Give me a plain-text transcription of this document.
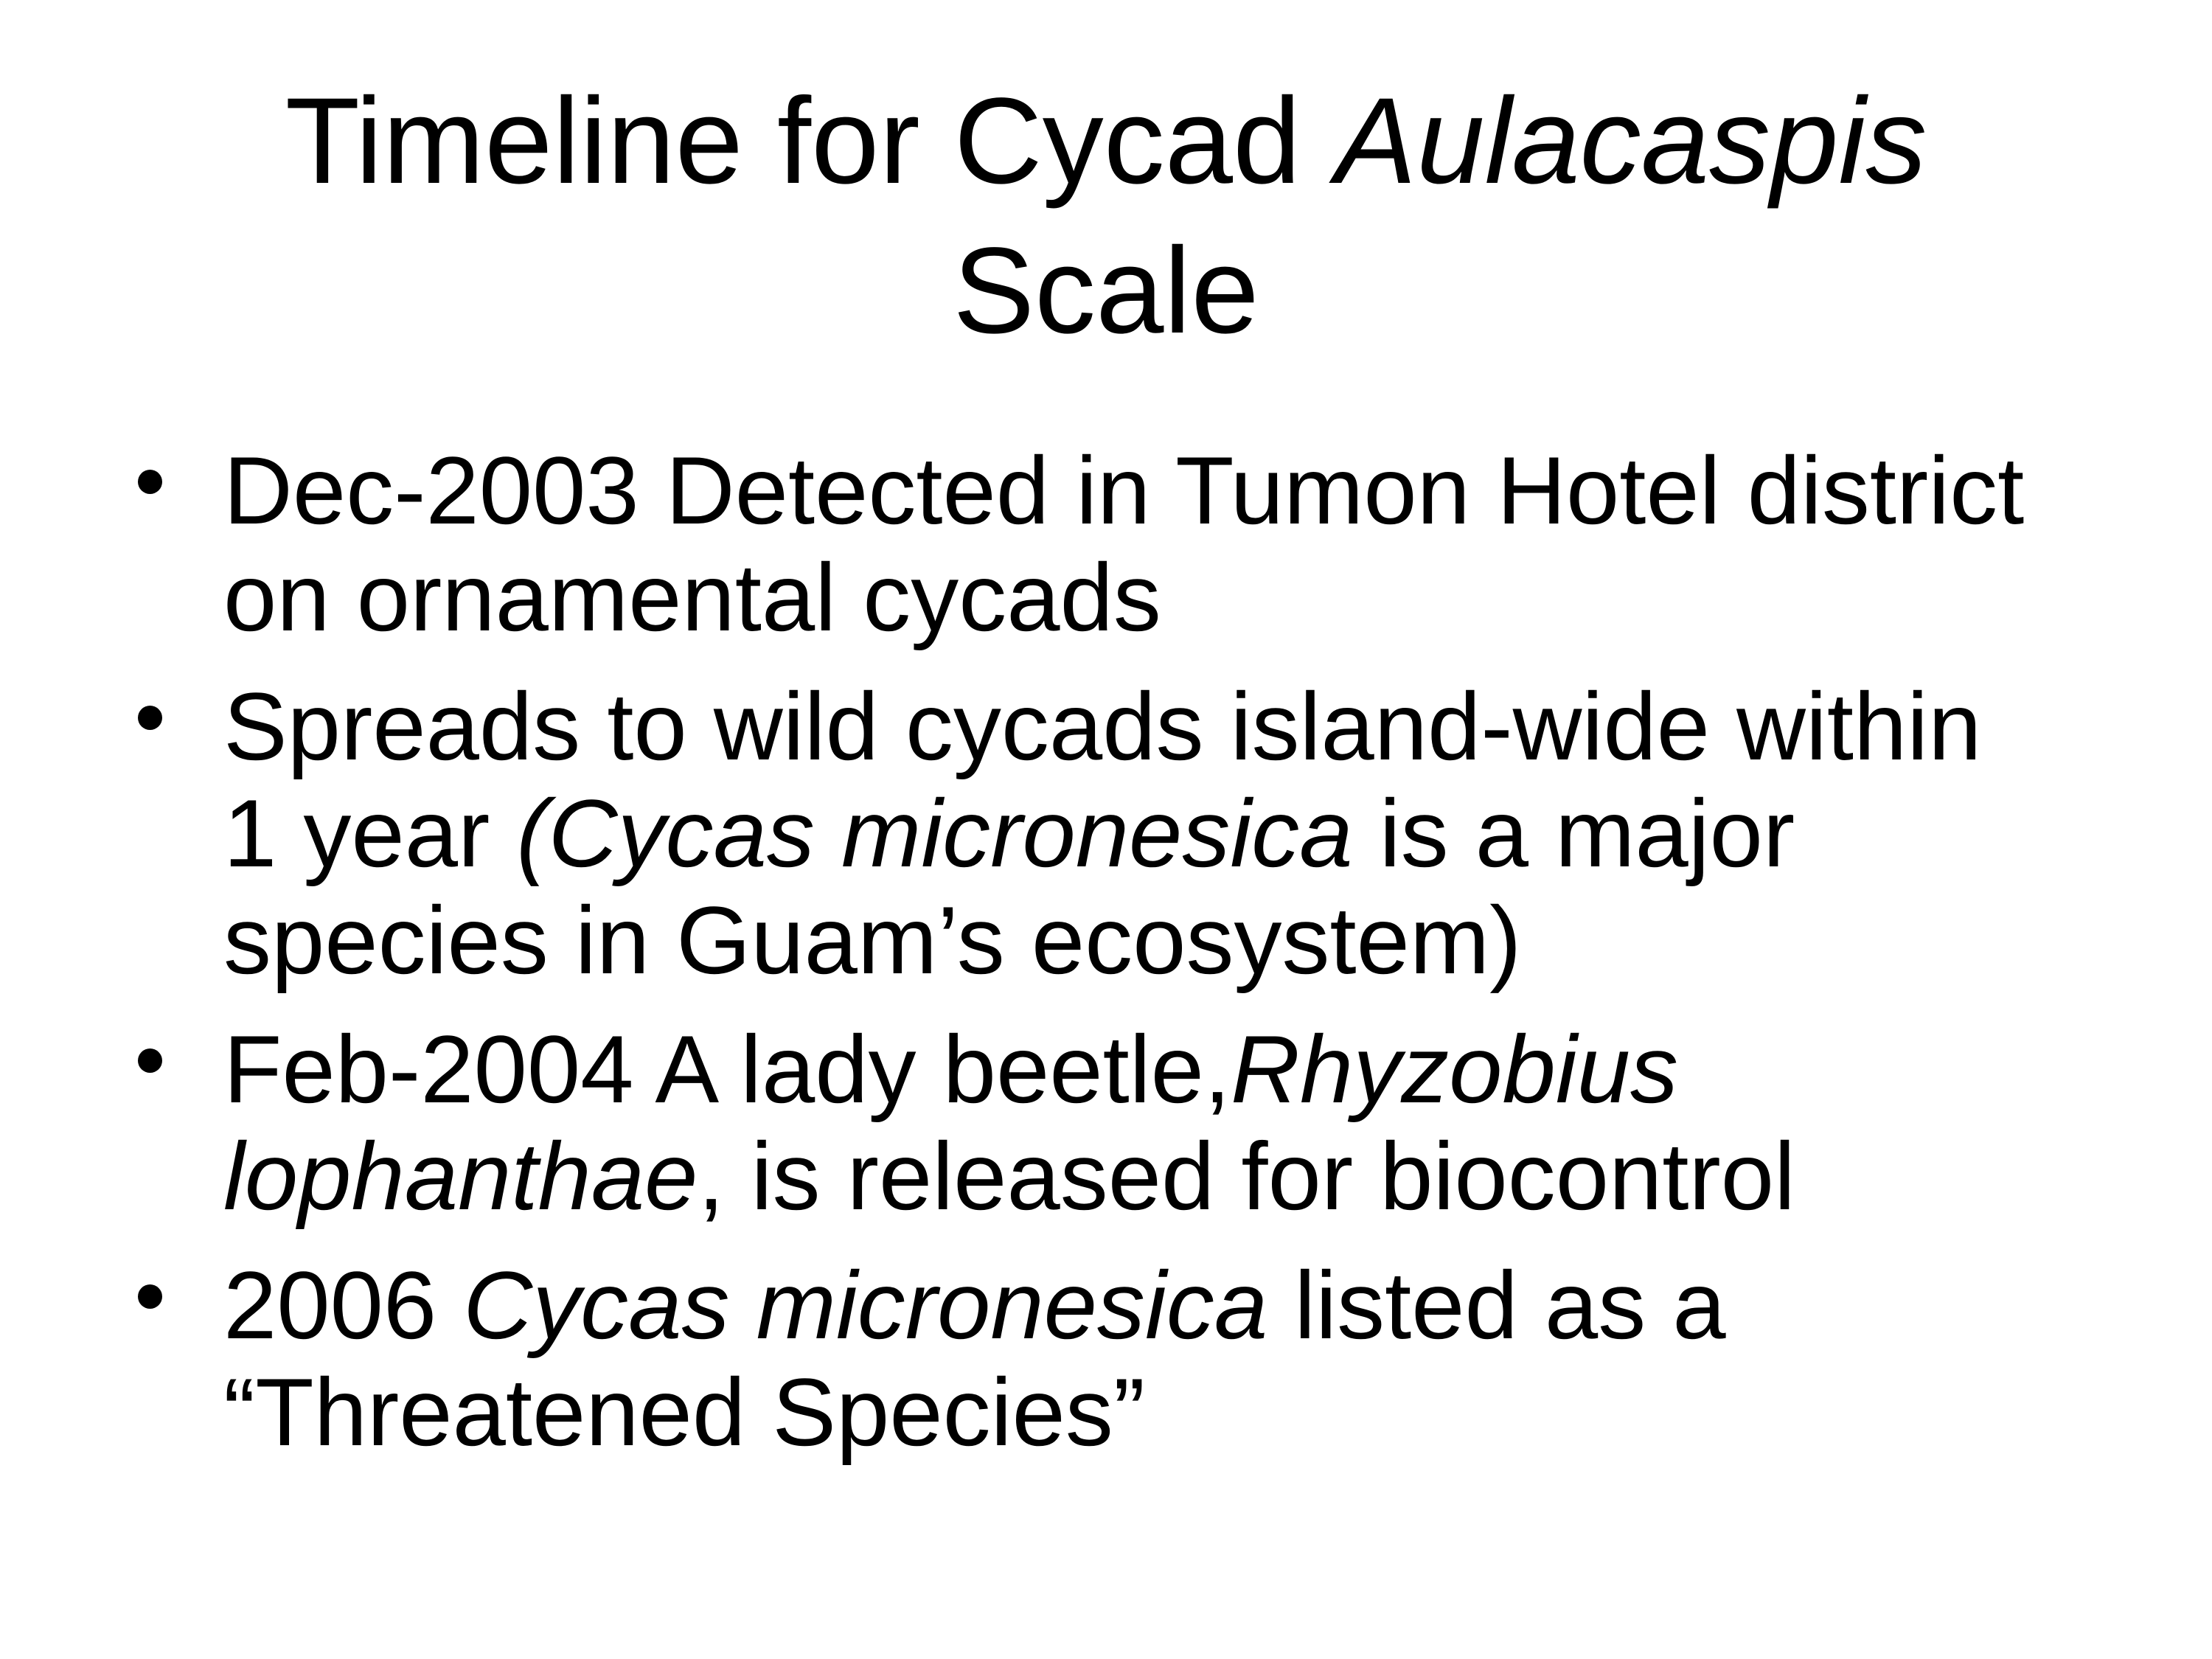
Timeline for Cycad Aulacaspis
Scale
Dec-2003 Detected in Tumon Hotel district
on ornamental cycads
Spreads to wild cycads island-wide within
1 year (Cycas micronesica is a major
species in Guam’s ecosystem)
Feb-2004 A lady beetle,Rhyzobius
lophanthae, is released for biocontrol
2006 Cycas micronesica listed as a
“Threatened Species”
